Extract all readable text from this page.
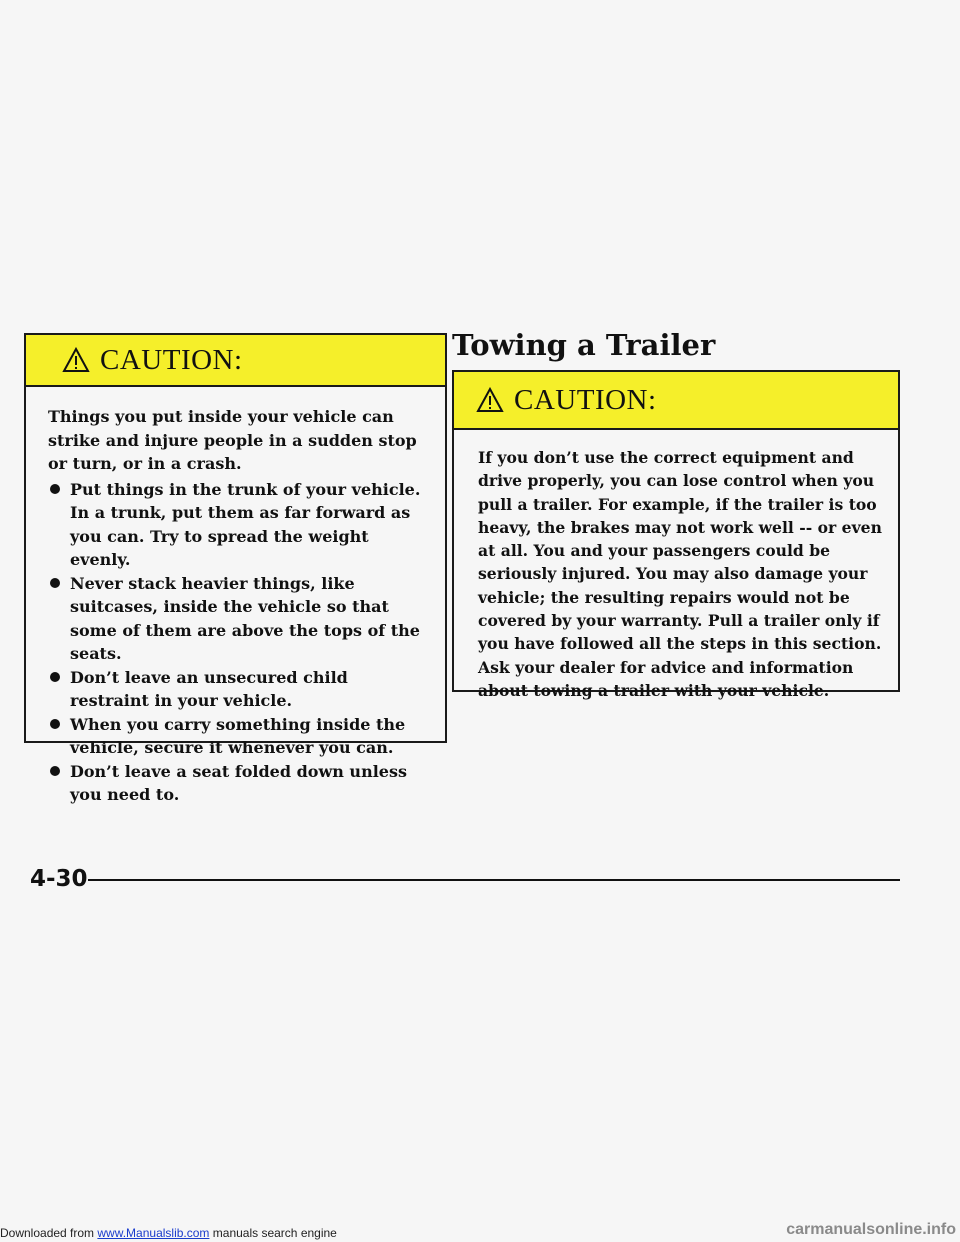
CAUTION:

Things you put inside your vehicle can strike and injure people in a sudden stop or turn, or in a crash.

Put things in the trunk of your vehicle. In a trunk, put them as far forward as you can. Try to spread the weight evenly.
Never stack heavier things, like suitcases, inside the vehicle so that some of them are above the tops of the seats.
Don’t leave an unsecured child restraint in your vehicle.
When you carry something inside the vehicle, secure it whenever you can.
Don’t leave a seat folded down unless you need to.
Towing a Trailer
CAUTION:

If you don’t use the correct equipment and drive properly, you can lose control when you pull a trailer. For example, if the trailer is too heavy, the brakes may not work well -- or even at all. You and your passengers could be seriously injured. You may also damage your vehicle; the resulting repairs would not be covered by your warranty. Pull a trailer only if you have followed all the steps in this section. Ask your dealer for advice and information about towing a trailer with your vehicle.

4-30
Downloaded from www.Manualslib.com manuals search engine	carmanualsonline.info
